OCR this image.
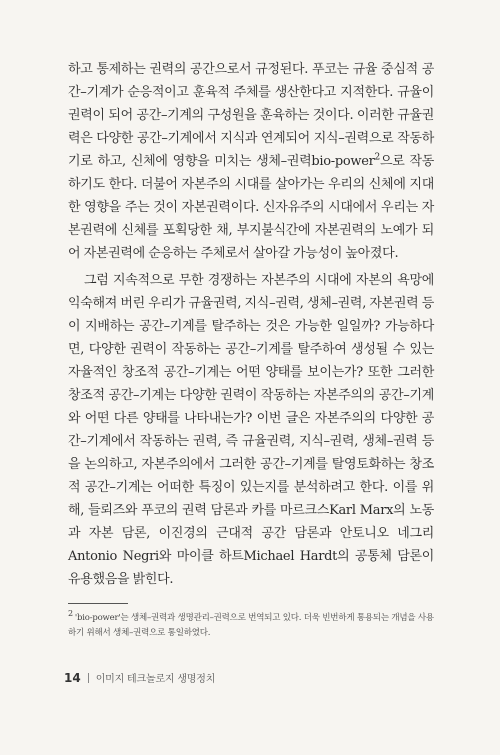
하고 통제하는 권력의 공간으로서 규정된다. 푸코는 규율 중심적 공간–기계가 순응적이고 훈육적 주체를 생산한다고 지적한다. 규율이 권력이 되어 공간–기계의 구성원을 훈육하는 것이다. 이러한 규율권력은 다양한 공간–기계에서 지식과 연계되어 지식–권력으로 작동하기로 하고, 신체에 영향을 미치는 생체–권력bio-power$^2$으로 작동하기도 한다. 더불어 자본주의 시대를 살아가는 우리의 신체에 지대한 영향을 주는 것이 자본권력이다. 신자유주의 시대에서 우리는 자본권력에 신체를 포획당한 채, 부지불식간에 자본권력의 노예가 되어 자본권력에 순응하는 주체로서 살아갈 가능성이 높아졌다.

그럼 지속적으로 무한 경쟁하는 자본주의 시대에 자본의 욕망에 익숙해져 버린 우리가 규율권력, 지식–권력, 생체–권력, 자본권력 등이 지배하는 공간–기계를 탈주하는 것은 가능한 일일까? 가능하다면, 다양한 권력이 작동하는 공간–기계를 탈주하여 생성될 수 있는 자율적인 창조적 공간–기계는 어떤 양태를 보이는가? 또한 그러한 창조적 공간–기계는 다양한 권력이 작동하는 자본주의의 공간–기계와 어떤 다른 양태를 나타내는가? 이번 글은 자본주의의 다양한 공간–기계에서 작동하는 권력, 즉 규율권력, 지식–권력, 생체–권력 등을 논의하고, 자본주의에서 그러한 공간–기계를 탈영토화하는 창조적 공간–기계는 어떠한 특징이 있는지를 분석하려고 한다. 이를 위해, 들뢰즈와 푸코의 권력 담론과 카를 마르크스Karl Marx의 노동과 자본 담론, 이진경의 근대적 공간 담론과 안토니오 네그리Antonio Negri와 마이클 하트Michael Hardt의 공통체 담론이 유용했음을 밝힌다.

2 'bio-power'는 생체–권력과 생명관리–권력으로 번역되고 있다. 더욱 빈번하게 통용되는 개념을 사용하기 위해서 생체–권력으로 통일하였다.
14 이미지 테크놀로지 생명정치
